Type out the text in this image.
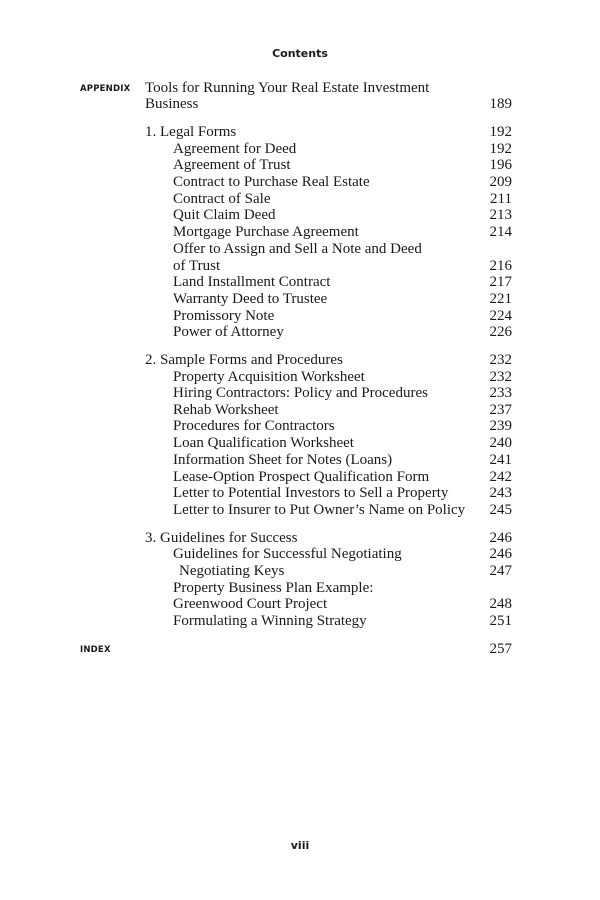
Contents
APPENDIX Tools for Running Your Real Estate Investment
Business	189
1. Legal Forms	192
Agreement for Deed	192
Agreement of Trust	196
Contract to Purchase Real Estate	209
Contract of Sale	211
Quit Claim Deed	213
Mortgage Purchase Agreement	214
Offer to Assign and Sell a Note and Deed
of Trust	216
Land Installment Contract	217
Warranty Deed to Trustee	221
Promissory Note	224
Power of Attorney	226
2. Sample Forms and Procedures	232
Property Acquisition Worksheet	232
Hiring Contractors: Policy and Procedures	233
Rehab Worksheet	237
Procedures for Contractors	239
Loan Qualification Worksheet	240
Information Sheet for Notes (Loans)	241
Lease-Option Prospect Qualification Form	242
Letter to Potential Investors to Sell a Property	243
Letter to Insurer to Put Owner’s Name on Policy 245
3. Guidelines for Success	246
Guidelines for Successful Negotiating	246
Negotiating Keys	247
Property Business Plan Example:
Greenwood Court Project	248
Formulating a Winning Strategy	251
INDEX	257
viii
